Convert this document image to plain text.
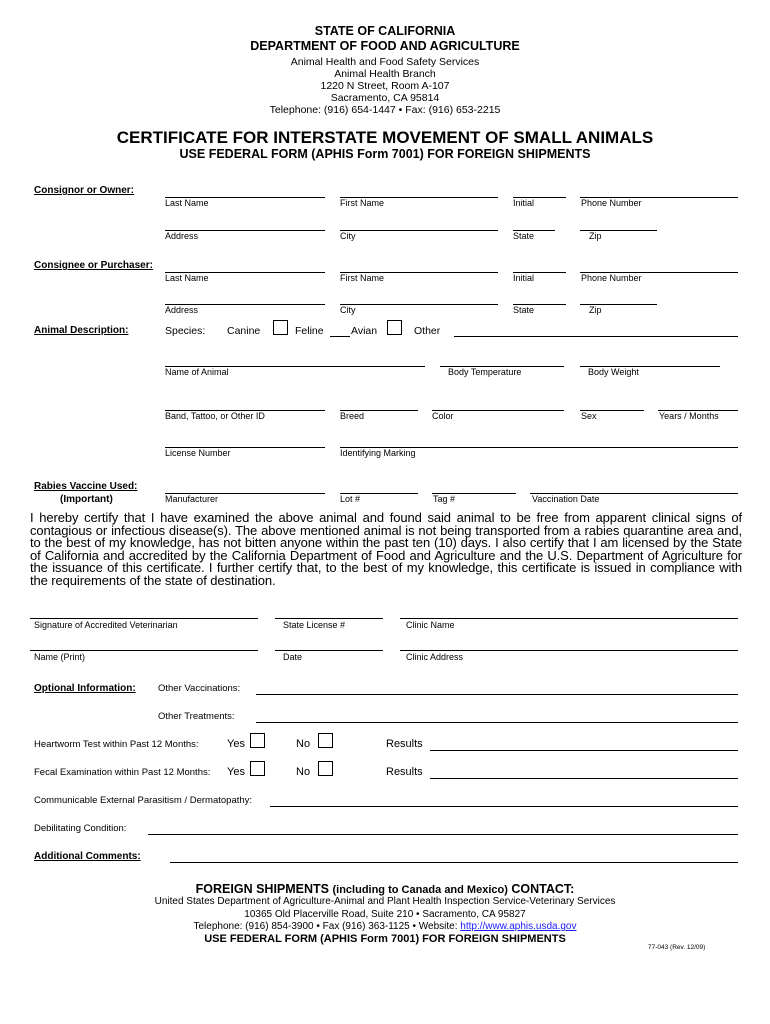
STATE OF CALIFORNIA
DEPARTMENT OF FOOD AND AGRICULTURE
Animal Health and Food Safety Services
Animal Health Branch
1220 N Street, Room A-107
Sacramento, CA 95814
Telephone: (916) 654-1447 • Fax: (916) 653-2215
CERTIFICATE FOR INTERSTATE MOVEMENT OF SMALL ANIMALS
USE FEDERAL FORM (APHIS Form 7001) FOR FOREIGN SHIPMENTS
Consignor or Owner:
Last Name	First Name	Initial	Phone Number
Address	City	State	Zip
Consignee or Purchaser:
Last Name	First Name	Initial	Phone Number
Address	City	State	Zip
Animal Description:	Species: Canine	Feline	Avian	Other
Name of Animal	Body Temperature	Body Weight
Band, Tattoo, or Other ID	Breed	Color	Sex	Years / Months
License Number	Identifying Marking
Rabies Vaccine Used:
(Important)	Manufacturer	Lot #	Tag #	Vaccination Date
I hereby certify that I have examined the above animal and found said animal to be free from apparent clinical signs of contagious or infectious disease(s). The above mentioned animal is not being transported from a rabies quarantine area and, to the best of my knowledge, has not bitten anyone within the past ten (10) days. I also certify that I am licensed by the State of California and accredited by the California Department of Food and Agriculture and the U.S. Department of Agriculture for the issuance of this certificate. I further certify that, to the best of my knowledge, this certificate is issued in compliance with the requirements of the state of destination.
Signature of Accredited Veterinarian	State License #	Clinic Name
Name (Print)	Date	Clinic Address
Optional Information: Other Vaccinations:
Other Treatments:
Heartworm Test within Past 12 Months:	Yes	No	Results
Fecal Examination within Past 12 Months: Yes	No	Results
Communicable External Parasitism / Dermatopathy:
Debilitating Condition:
Additional Comments:
FOREIGN SHIPMENTS (including to Canada and Mexico) CONTACT:
United States Department of Agriculture-Animal and Plant Health Inspection Service-Veterinary Services
10365 Old Placerville Road, Suite 210 • Sacramento, CA 95827
Telephone: (916) 854-3900 • Fax (916) 363-1125 • Website: http://www.aphis.usda.gov
USE FEDERAL FORM (APHIS Form 7001) FOR FOREIGN SHIPMENTS
77-043 (Rev. 12/09)
